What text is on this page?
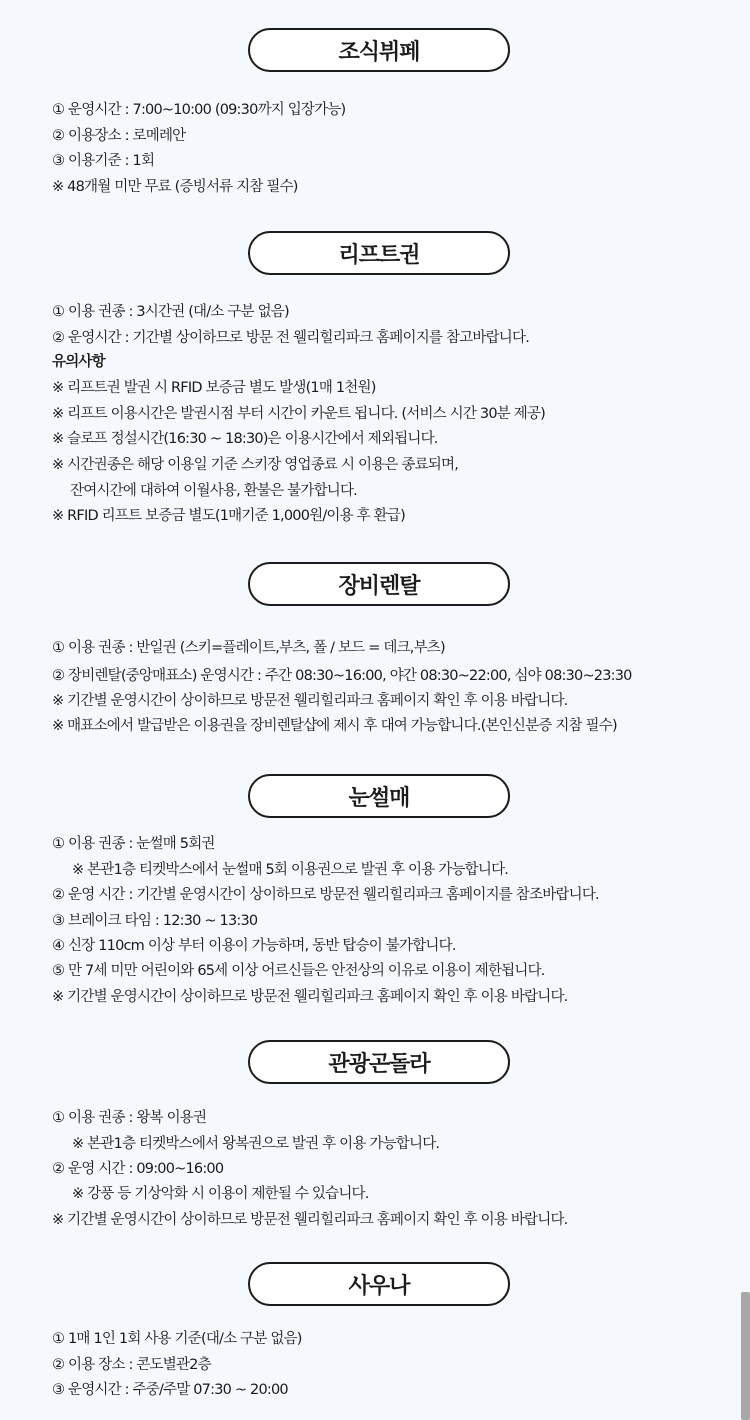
조식뷔페
① 운영시간 : 7:00~10:00 (09:30까지 입장가능)
② 이용장소 : 로메레안
③ 이용기준 : 1회
※ 48개월 미만 무료 (증빙서류 지참 필수)
리프트권
① 이용 권종 : 3시간권 (대/소 구분 없음)
② 운영시간 : 기간별 상이하므로 방문 전 웰리힐리파크 홈페이지를 참고바랍니다.
유의사항
※ 리프트권 발권 시 RFID 보증금 별도 발생(1매 1천원)
※ 리프트 이용시간은 발권시점 부터 시간이 카운트 됩니다. (서비스 시간 30분 제공)
※ 슬로프 정설시간(16:30 ~ 18:30)은 이용시간에서 제외됩니다.
※ 시간권종은 해당 이용일 기준 스키장 영업종료 시 이용은 종료되며,
잔여시간에 대하여 이월사용, 환불은 불가합니다.
※ RFID 리프트 보증금 별도(1매기준 1,000원/이용 후 환급)
장비렌탈
① 이용 권종 : 반일권 (스키=플레이트,부츠, 폴 / 보드 = 데크,부츠)
② 장비렌탈(중앙매표소) 운영시간 : 주간 08:30~16:00, 야간 08:30~22:00, 심야 08:30~23:30
※ 기간별 운영시간이 상이하므로 방문전 웰리힐리파크 홈페이지 확인 후 이용 바랍니다.
※ 매표소에서 발급받은 이용권을 장비렌탈샵에 제시 후 대여 가능합니다.(본인신분증 지참 필수)
눈썰매
① 이용 권종 : 눈썰매 5회권
※ 본관1층 티켓박스에서 눈썰매 5회 이용권으로 발권 후 이용 가능합니다.
② 운영 시간 : 기간별 운영시간이 상이하므로 방문전 웰리힐리파크 홈페이지를 참조바랍니다.
③ 브레이크 타임 : 12:30 ~ 13:30
④ 신장 110cm 이상 부터 이용이 가능하며, 동반 탑승이 불가합니다.
⑤ 만 7세 미만 어린이와 65세 이상 어르신들은 안전상의 이유로 이용이 제한됩니다.
※ 기간별 운영시간이 상이하므로 방문전 웰리힐리파크 홈페이지 확인 후 이용 바랍니다.
관광곤돌라
① 이용 권종 : 왕복 이용권
※ 본관1층 티켓박스에서 왕복권으로 발권 후 이용 가능합니다.
② 운영 시간 : 09:00~16:00
※ 강풍 등 기상악화 시 이용이 제한될 수 있습니다.
※ 기간별 운영시간이 상이하므로 방문전 웰리힐리파크 홈페이지 확인 후 이용 바랍니다.
사우나
① 1매 1인 1회 사용 기준(대/소 구분 없음)
② 이용 장소 : 콘도별관2층
③ 운영시간 : 주중/주말 07:30 ~ 20:00
